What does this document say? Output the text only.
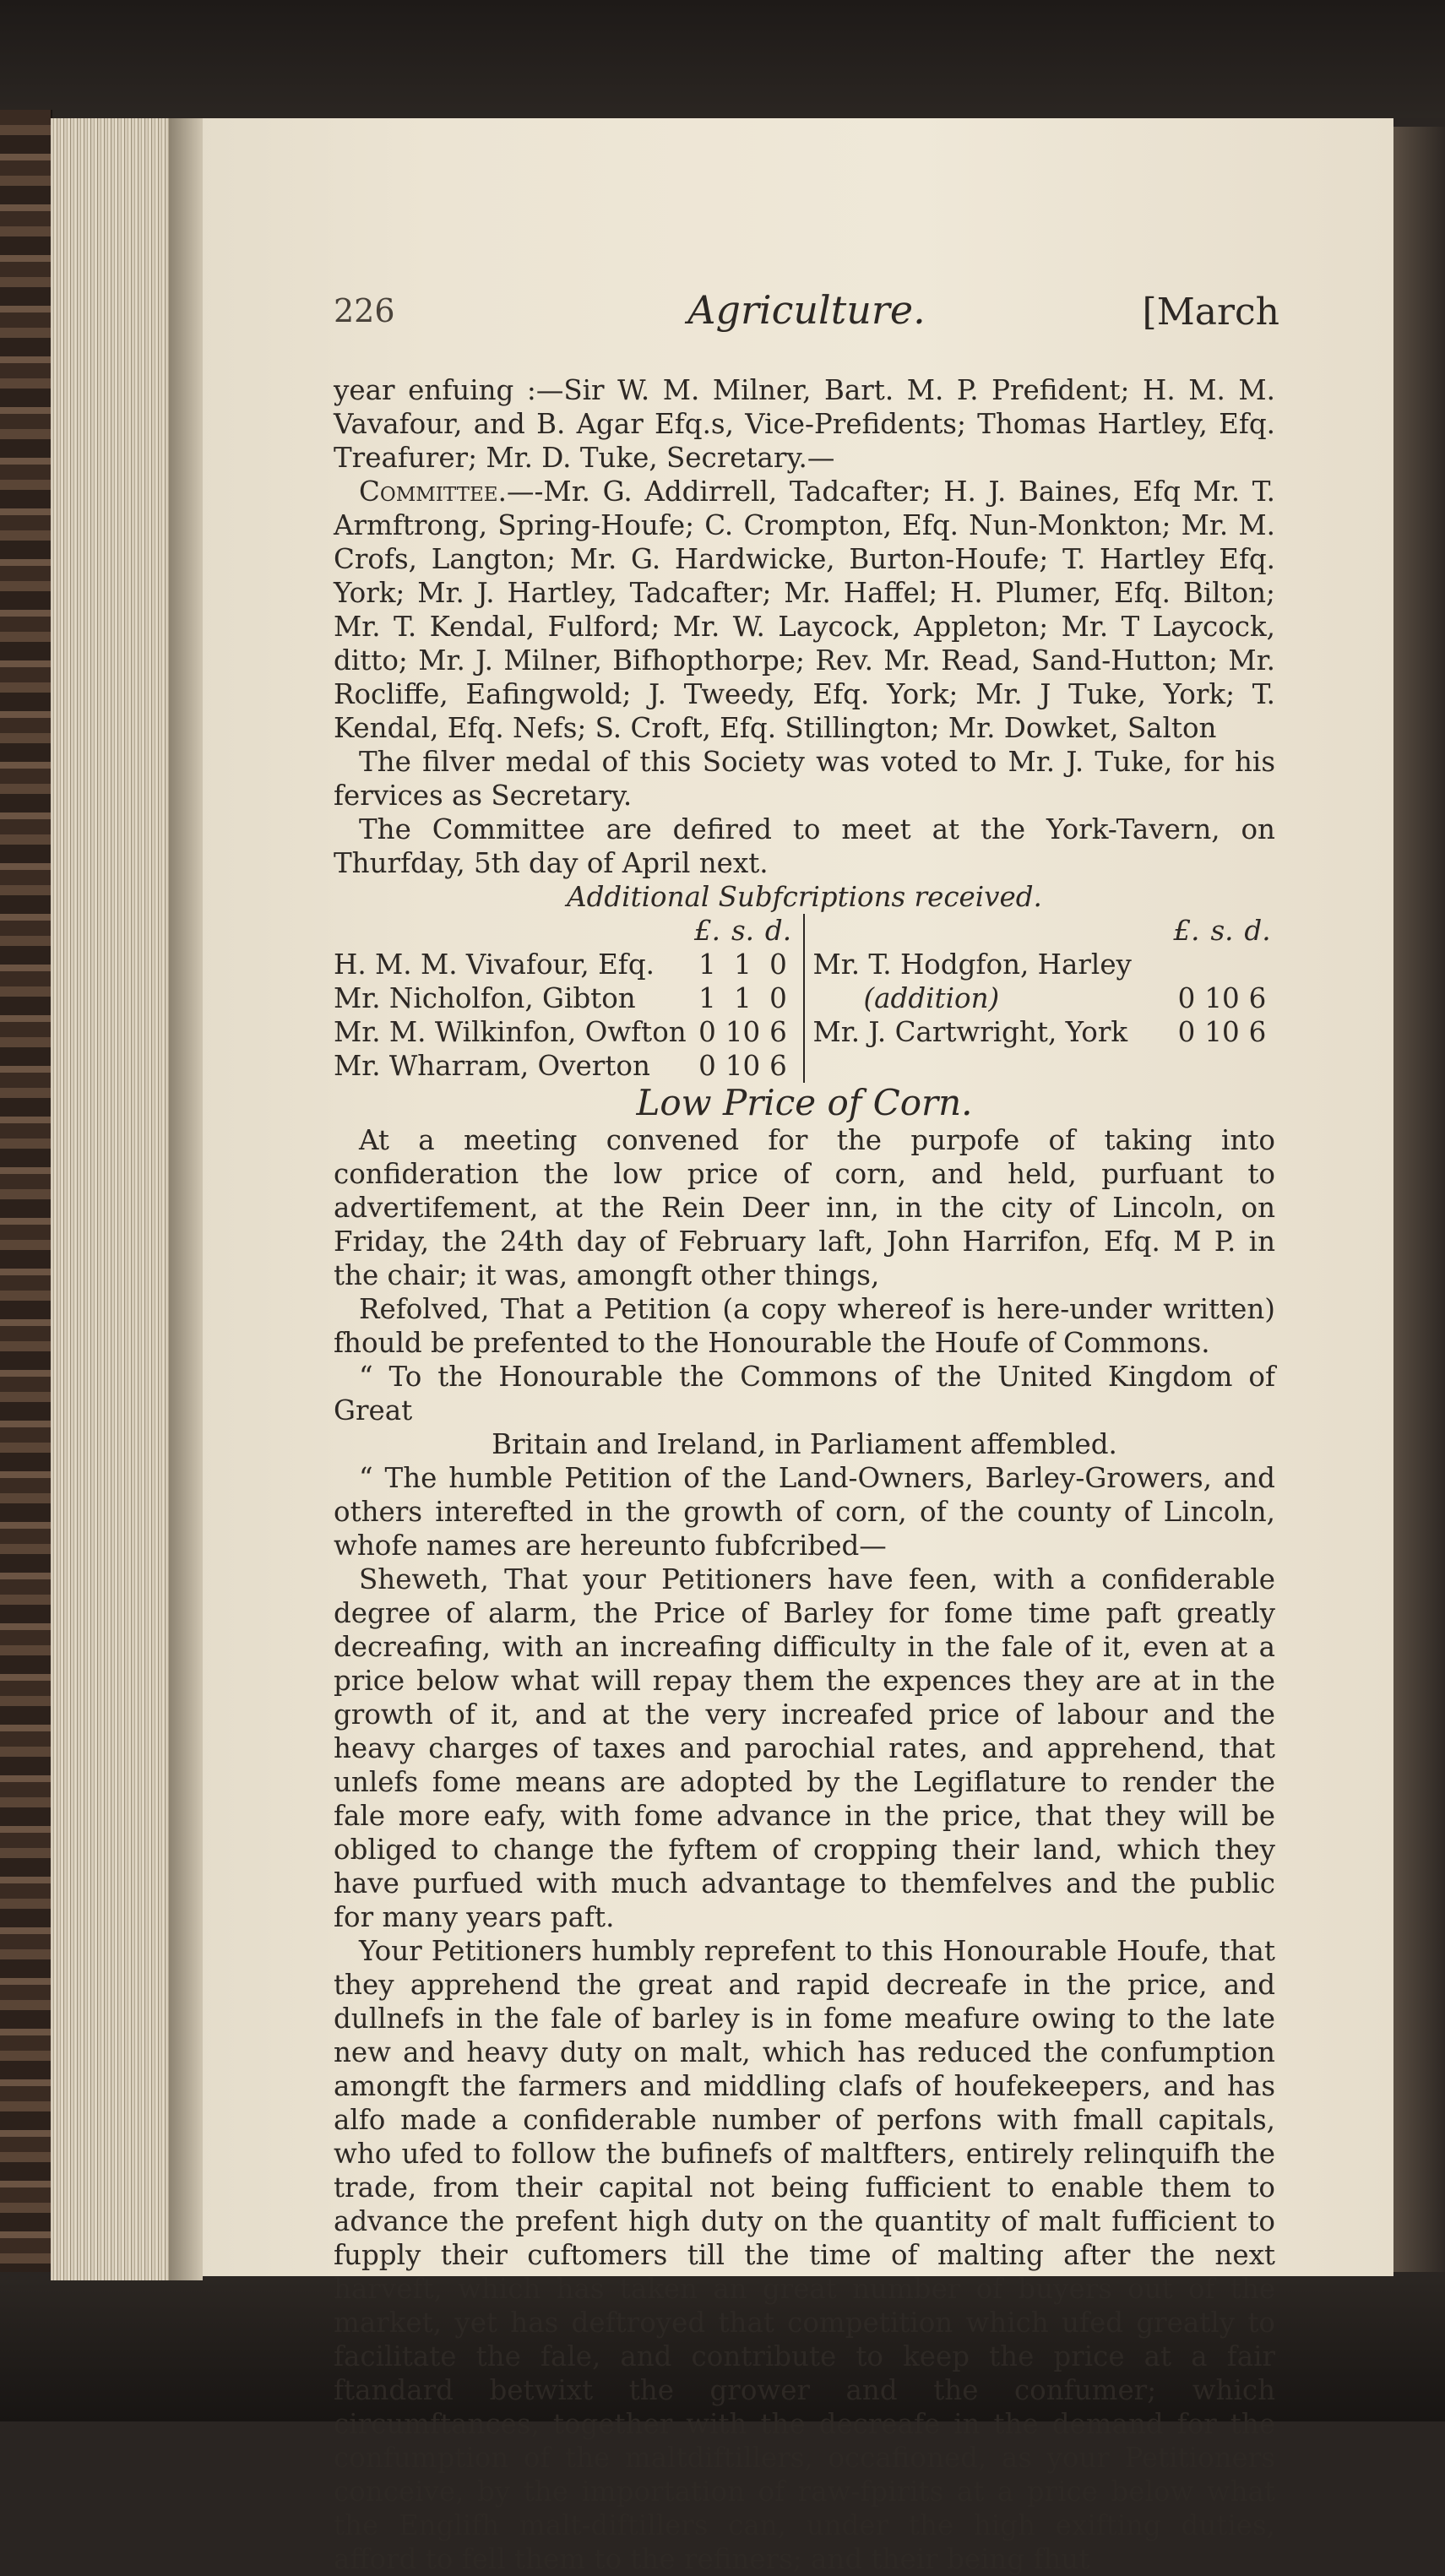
226	Agriculture.	[March

year enfuing :—Sir W. M. Milner, Bart. M. P. Prefident; H. M. M. Vavafour, and B. Agar Efq.s, Vice-Prefidents; Thomas Hartley, Efq. Treafurer; Mr. D. Tuke, Secretary.—

Committee.—-Mr. G. Addirrell, Tadcafter; H. J. Baines, Efq Mr. T. Armftrong, Spring-Houfe; C. Crompton, Efq. Nun-Monkton; Mr. M. Crofs, Langton; Mr. G. Hardwicke, Burton-Houfe; T. Hartley Efq. York; Mr. J. Hartley, Tadcafter; Mr. Haffel; H. Plumer, Efq. Bilton; Mr. T. Kendal, Fulford; Mr. W. Laycock, Appleton; Mr. T Laycock, ditto; Mr. J. Milner, Bifhopthorpe; Rev. Mr. Read, Sand-Hutton; Mr. Rocliffe, Eafingwold; J. Tweedy, Efq. York; Mr. J Tuke, York; T. Kendal, Efq. Nefs; S. Croft, Efq. Stillington; Mr. Dowket, Salton

The filver medal of this Society was voted to Mr. J. Tuke, for his fervices as Secretary.

The Committee are defired to meet at the York-Tavern, on Thurfday, 5th day of April next.

Additional Subfcriptions received.

£. s. d.
H. M. M. Vivafour, Efq.	1 1 0
Mr. Nicholfon, Gibton	1 1 0
Mr. M. Wilkinfon, Owfton 0 10 6
Mr. Wharram, Overton	0 10 6
£. s. d.
Mr. T. Hodgfon, Harley
(addition)	0 10 6
Mr. J. Cartwright, York	0 10 6

Low Price of Corn.

At a meeting convened for the purpofe of taking into confideration the low price of corn, and held, purfuant to advertifement, at the Rein Deer inn, in the city of Lincoln, on Friday, the 24th day of February laft, John Harrifon, Efq. M P. in the chair; it was, amongft other things,

Refolved, That a Petition (a copy whereof is here-under written) fhould be prefented to the Honourable the Houfe of Commons.

“ To the Honourable the Commons of the United Kingdom of Great

Britain and Ireland, in Parliament affembled.

“ The humble Petition of the Land-Owners, Barley-Growers, and others interefted in the growth of corn, of the county of Lincoln, whofe names are hereunto fubfcribed—

Sheweth, That your Petitioners have feen, with a confiderable degree of alarm, the Price of Barley for fome time paft greatly decreafing, with an increafing difficulty in the fale of it, even at a price below what will repay them the expences they are at in the growth of it, and at the very increafed price of labour and the heavy charges of taxes and parochial rates, and apprehend, that unlefs fome means are adopted by the Legiflature to render the fale more eafy, with fome advance in the price, that they will be obliged to change the fyftem of cropping their land, which they have purfued with much advantage to themfelves and the public for many years paft.

Your Petitioners humbly reprefent to this Honourable Houfe, that they apprehend the great and rapid decreafe in the price, and dullnefs in the fale of barley is in fome meafure owing to the late new and heavy duty on malt, which has reduced the confumption amongft the farmers and middling clafs of houfekeepers, and has alfo made a confiderable number of perfons with fmall capitals, who ufed to follow the bufinefs of maltfters, entirely relinquifh the trade, from their capital not being fufficient to enable them to advance the prefent high duty on the quantity of malt fufficient to fupply their cuftomers till the time of malting after the next harveft, which has taken an great number of buyers out of the market, yet has deftroyed that competition which ufed greatly to facilitate the fale, and contribute to keep the price at a fair ftandard betwixt the grower and the confumer; which circumftances, together with the decreafe in the demand for the confumption of the maltdiftillers, occafioned, as your Petitioners conceive, by the importation of raw-fpirits at a price below what the Englifh malt-diftillers can, under the high exifting duties, afford to fell them to the refiners; and their being fhut
